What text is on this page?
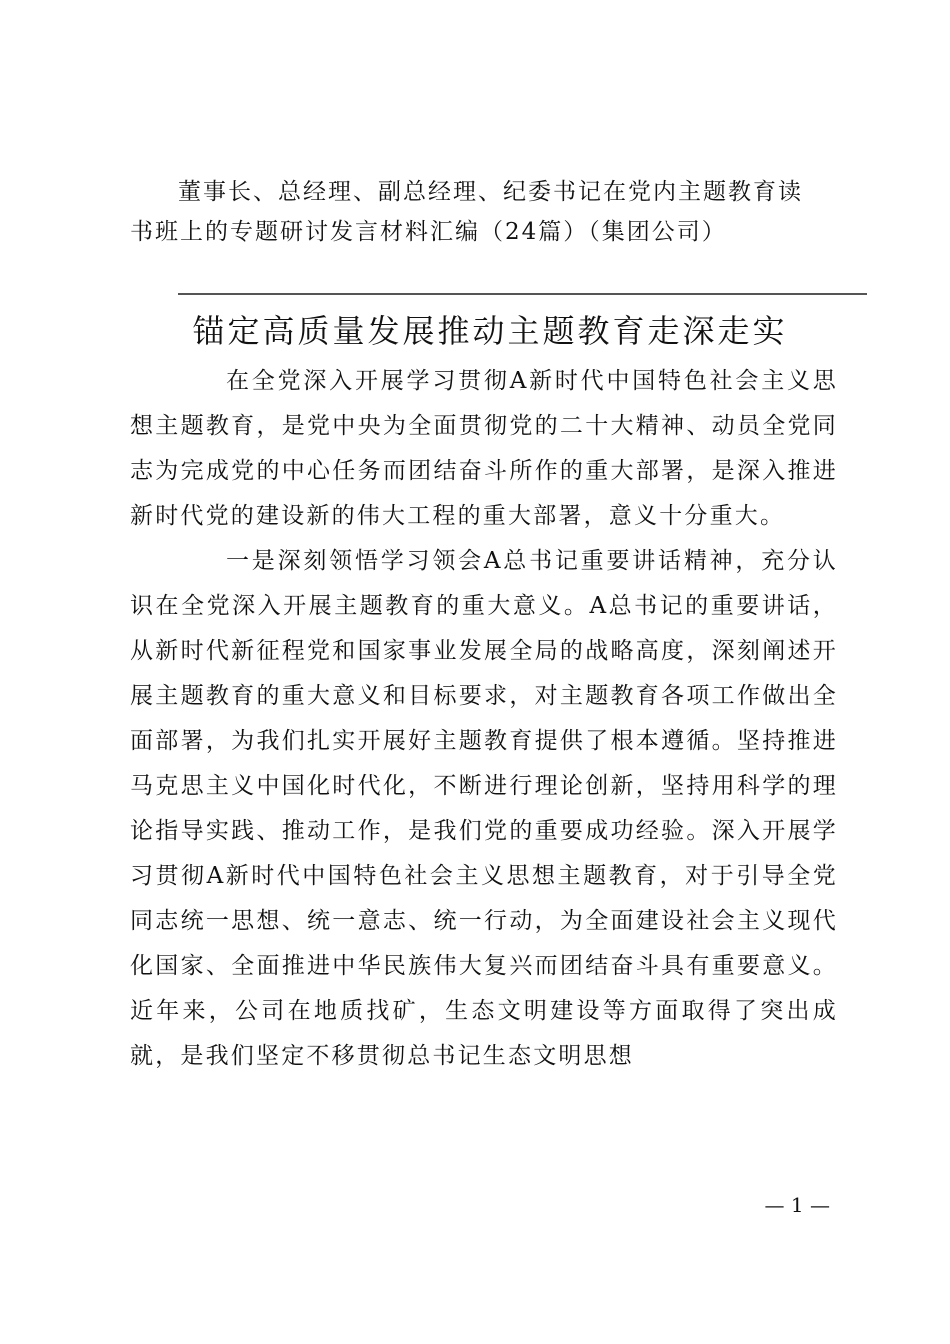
董事长、总经理、副总经理、纪委书记在党内主题教育读
书班上的专题研讨发言材料汇编（24篇）（集团公司）
锚定高质量发展推动主题教育走深走实

在全党深入开展学习贯彻A新时代中国特色社会主义思想主题教育，是党中央为全面贯彻党的二十大精神、动员全党同志为完成党的中心任务而团结奋斗所作的重大部署，是深入推进新时代党的建设新的伟大工程的重大部署，意义十分重大。

一是深刻领悟学习领会A总书记重要讲话精神，充分认识在全党深入开展主题教育的重大意义。A总书记的重要讲话，从新时代新征程党和国家事业发展全局的战略高度，深刻阐述开展主题教育的重大意义和目标要求，对主题教育各项工作做出全面部署，为我们扎实开展好主题教育提供了根本遵循。坚持推进马克思主义中国化时代化，不断进行理论创新，坚持用科学的理论指导实践、推动工作，是我们党的重要成功经验。深入开展学习贯彻A新时代中国特色社会主义思想主题教育，对于引导全党同志统一思想、统一意志、统一行动，为全面建设社会主义现代化国家、全面推进中华民族伟大复兴而团结奋斗具有重要意义。近年来，公司在地质找矿，生态文明建设等方面取得了突出成就，是我们坚定不移贯彻总书记生态文明思想

— 1 —
